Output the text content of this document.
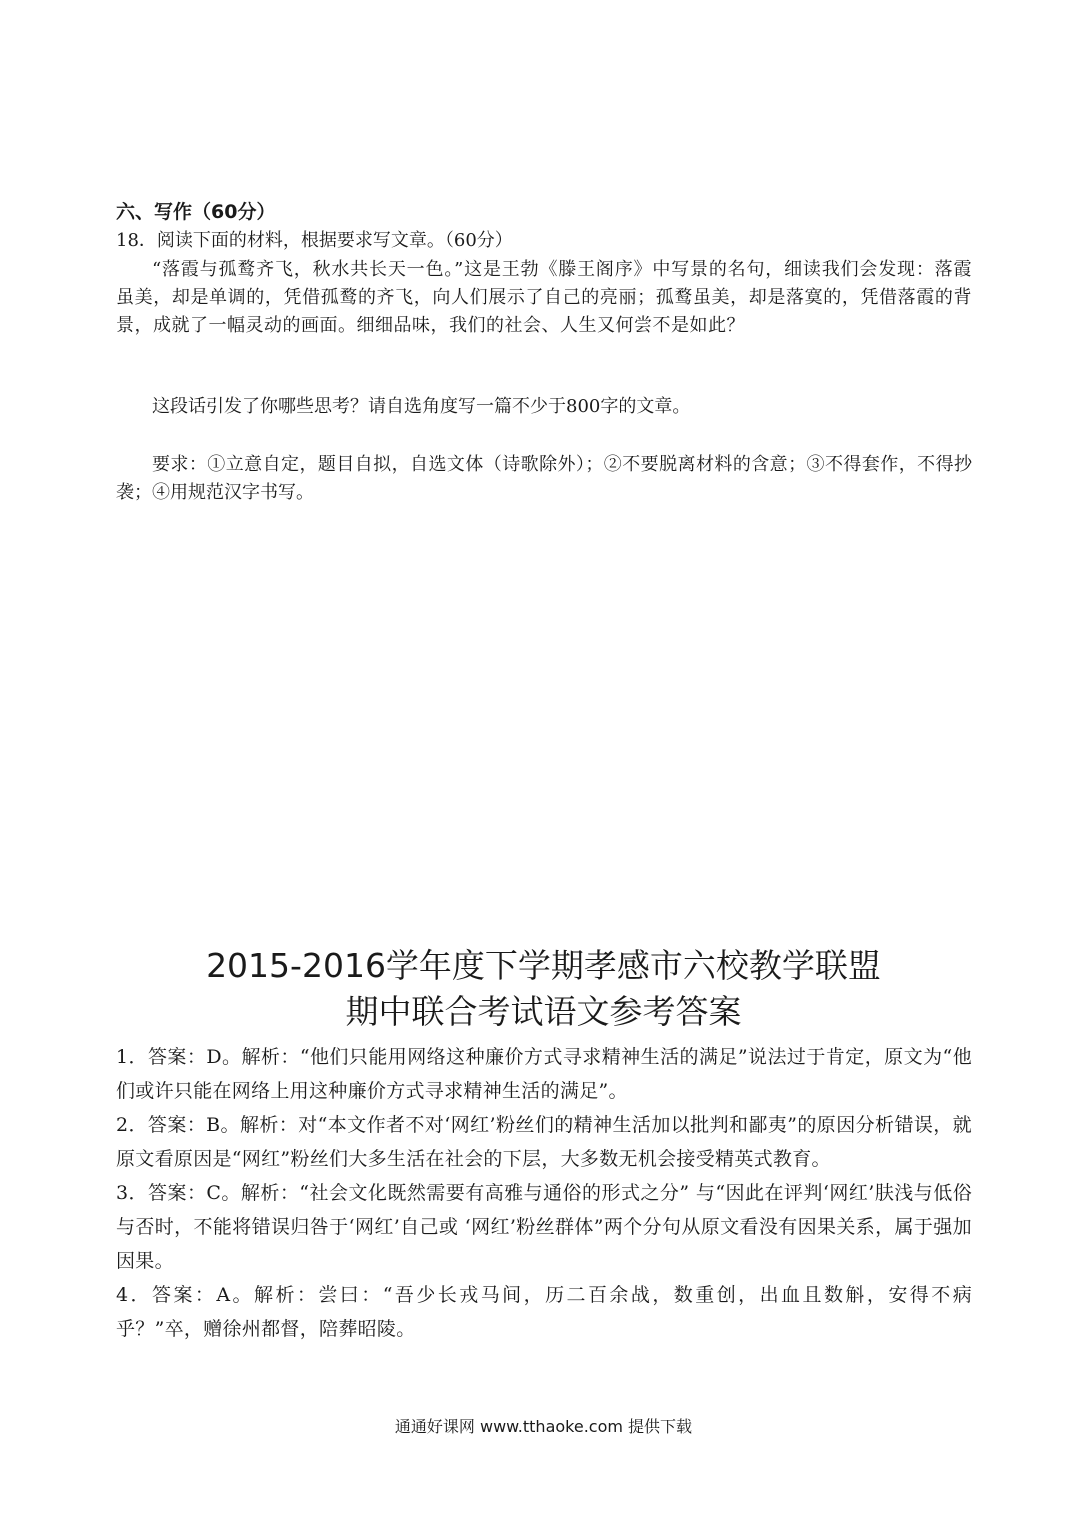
六、写作（60分）
18．阅读下面的材料，根据要求写文章。（60分）
“落霞与孤鹜齐飞，秋水共长天一色。”这是王勃《滕王阁序》中写景的名句，细读我们会发现：落霞虽美，却是单调的，凭借孤鹜的齐飞，向人们展示了自己的亮丽；孤鹜虽美，却是落寞的，凭借落霞的背景，成就了一幅灵动的画面。细细品味，我们的社会、人生又何尝不是如此？
这段话引发了你哪些思考？请自选角度写一篇不少于800字的文章。
要求：①立意自定，题目自拟，自选文体（诗歌除外）；②不要脱离材料的含意；③不得套作，不得抄袭；④用规范汉字书写。
2015-2016学年度下学期孝感市六校教学联盟
期中联合考试语文参考答案

1．答案：D。解析：“他们只能用网络这种廉价方式寻求精神生活的满足”说法过于肯定，原文为“他们或许只能在网络上用这种廉价方式寻求精神生活的满足”。

2．答案：B。解析：对“本文作者不对‘网红’粉丝们的精神生活加以批判和鄙夷”的原因分析错误，就原文看原因是“网红”粉丝们大多生活在社会的下层，大多数无机会接受精英式教育。

3．答案：C。解析：“社会文化既然需要有高雅与通俗的形式之分” 与“因此在评判‘网红’肤浅与低俗与否时，不能将错误归咎于‘网红’自己或 ‘网红’粉丝群体”两个分句从原文看没有因果关系，属于强加因果。

4．答案：A。解析：尝曰：“吾少长戎马间，历二百余战，数重创，出血且数斛，安得不病乎？”卒，赠徐州都督，陪葬昭陵。

通通好课网 www.tthaoke.com 提供下载
